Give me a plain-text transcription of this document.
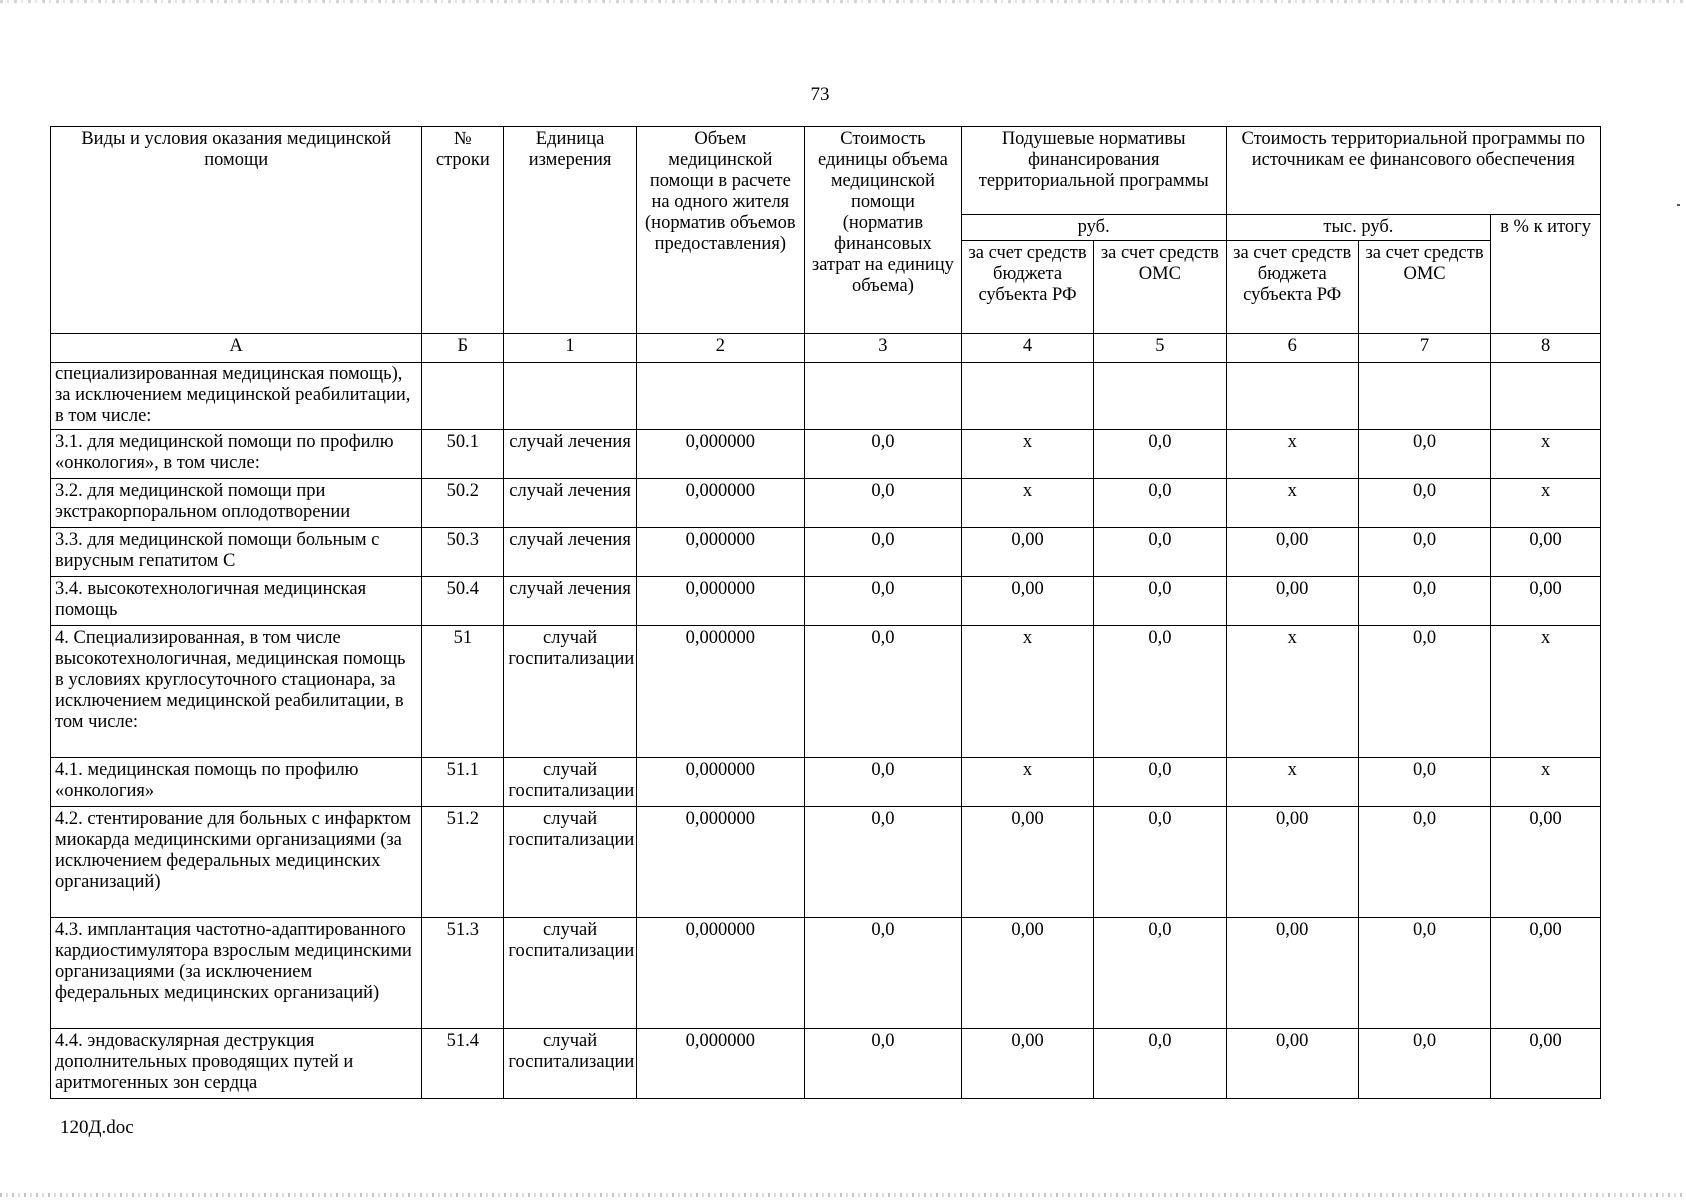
73
Виды и условия оказания медицинской помощи	№ строки	Единица измерения	Объем медицинской помощи в расчете на одного жителя (норматив объемов предоставления)	Стоимость единицы объема медицинской помощи (норматив финансовых затрат на единицу объема)	Подушевые нормативы финансирования территориальной программы		Стоимость территориальной программы по источникам ее финансового обеспечения		
					руб.		тыс. руб.		в % к итогу
					за счет средств бюджета субъекта РФ	за счет средств ОМС	за счет средств бюджета субъекта РФ	за счет средств ОМС	
А	Б	1	2	3	4	5	6	7	8
специализированная медицинская помощь), за исключением медицинской реабилитации, в том числе:									
3.1. для медицинской помощи по профилю «онкология», в том числе:	50.1	случай лечения	0,000000	0,0	х	0,0	х	0,0	х
3.2. для медицинской помощи при экстракорпоральном оплодотворении	50.2	случай лечения	0,000000	0,0	х	0,0	х	0,0	х
3.3. для медицинской помощи больным с вирусным гепатитом С	50.3	случай лечения	0,000000	0,0	0,00	0,0	0,00	0,0	0,00
3.4. высокотехнологичная медицинская помощь	50.4	случай лечения	0,000000	0,0	0,00	0,0	0,00	0,0	0,00
4. Специализированная, в том числе высокотехнологичная, медицинская помощь в условиях круглосуточного стационара, за исключением медицинской реабилитации, в том числе:	51	случай госпитализации	0,000000	0,0	х	0,0	х	0,0	х
4.1. медицинская помощь по профилю «онкология»	51.1	случай госпитализации	0,000000	0,0	х	0,0	х	0,0	х
4.2. стентирование для больных с инфарктом миокарда медицинскими организациями (за исключением федеральных медицинских организаций)	51.2	случай госпитализации	0,000000	0,0	0,00	0,0	0,00	0,0	0,00
4.3. имплантация частотно-адаптированного кардиостимулятора взрослым медицинскими организациями (за исключением федеральных медицинских организаций)	51.3	случай госпитализации	0,000000	0,0	0,00	0,0	0,00	0,0	0,00
4.4. эндоваскулярная деструкция дополнительных проводящих путей и аритмогенных зон сердца	51.4	случай госпитализации	0,000000	0,0	0,00	0,0	0,00	0,0	0,00
120Д.doc
